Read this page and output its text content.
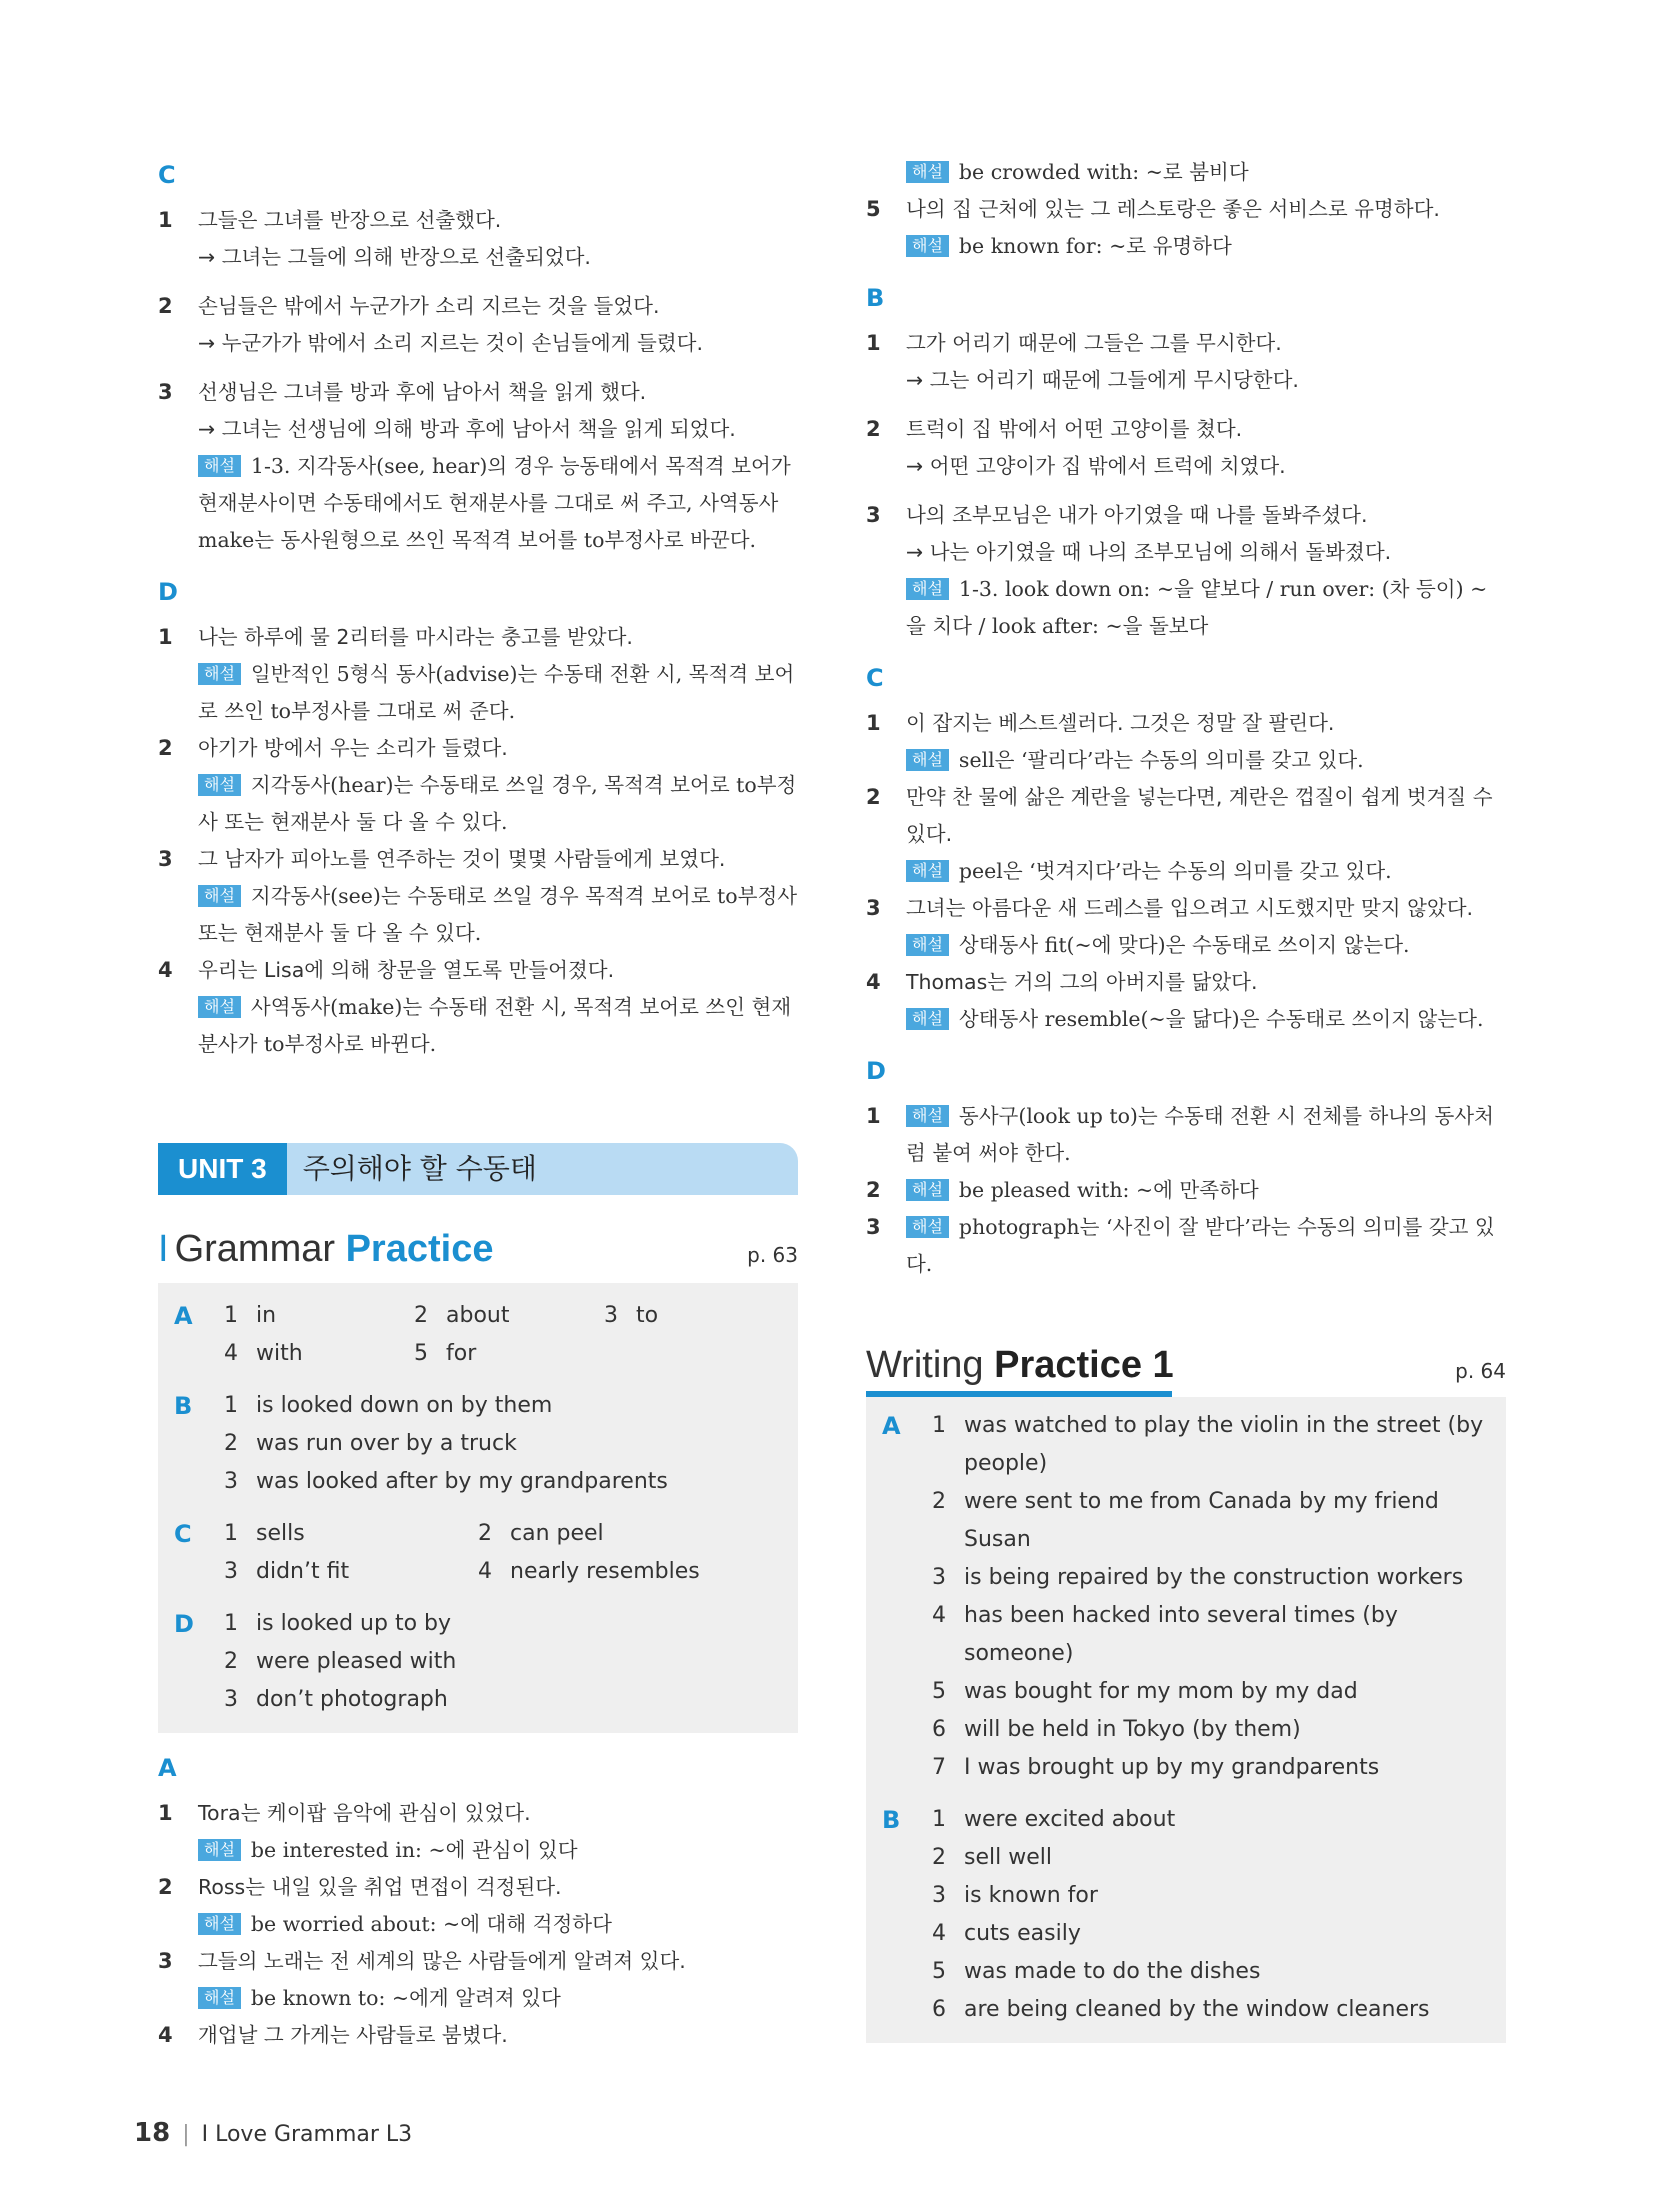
C
1	그들은 그녀를 반장으로 선출했다.
→ 그녀는 그들에 의해 반장으로 선출되었다.
2	손님들은 밖에서 누군가가 소리 지르는 것을 들었다.
→ 누군가가 밖에서 소리 지르는 것이 손님들에게 들렸다.
3	선생님은 그녀를 방과 후에 남아서 책을 읽게 했다.
→ 그녀는 선생님에 의해 방과 후에 남아서 책을 읽게 되었다.
해설 1-3. 지각동사(see, hear)의 경우 능동태에서 목적격 보어가 현재분사이면 수동태에서도 현재분사를 그대로 써 주고, 사역동사 make는 동사원형으로 쓰인 목적격 보어를 to부정사로 바꾼다.
D
1	나는 하루에 물 2리터를 마시라는 충고를 받았다.
해설 일반적인 5형식 동사(advise)는 수동태 전환 시, 목적격 보어로 쓰인 to부정사를 그대로 써 준다.
2	아기가 방에서 우는 소리가 들렸다.
해설 지각동사(hear)는 수동태로 쓰일 경우, 목적격 보어로 to부정사 또는 현재분사 둘 다 올 수 있다.
3	그 남자가 피아노를 연주하는 것이 몇몇 사람들에게 보였다.
해설 지각동사(see)는 수동태로 쓰일 경우 목적격 보어로 to부정사 또는 현재분사 둘 다 올 수 있다.
4	우리는 Lisa에 의해 창문을 열도록 만들어졌다.
해설 사역동사(make)는 수동태 전환 시, 목적격 보어로 쓰인 현재분사가 to부정사로 바뀐다.
UNIT 3	주의해야 할 수동태
I Grammar Practice	p. 63
A	1 in	2 about	3 to
4 with	5 for
B	1 is looked down on by them
2 was run over by a truck
3 was looked after by my grandparents
C	1 sells	2 can peel
3 didn’t fit	4 nearly resembles
D	1 is looked up to by
2 were pleased with
3 don’t photograph
A
1	Tora는 케이팝 음악에 관심이 있었다.
해설 be interested in: ~에 관심이 있다
2	Ross는 내일 있을 취업 면접이 걱정된다.
해설 be worried about: ~에 대해 걱정하다
3	그들의 노래는 전 세계의 많은 사람들에게 알려져 있다.
해설 be known to: ~에게 알려져 있다
4	개업날 그 가게는 사람들로 붐볐다.
해설 be crowded with: ~로 붐비다
5	나의 집 근처에 있는 그 레스토랑은 좋은 서비스로 유명하다.
해설 be known for: ~로 유명하다
B
1	그가 어리기 때문에 그들은 그를 무시한다.
→ 그는 어리기 때문에 그들에게 무시당한다.
2	트럭이 집 밖에서 어떤 고양이를 쳤다.
→ 어떤 고양이가 집 밖에서 트럭에 치였다.
3	나의 조부모님은 내가 아기였을 때 나를 돌봐주셨다.
→ 나는 아기였을 때 나의 조부모님에 의해서 돌봐졌다.
해설 1-3. look down on: ~을 얕보다 / run over: (차 등이) ~을 치다 / look after: ~을 돌보다
C
1	이 잡지는 베스트셀러다. 그것은 정말 잘 팔린다.
해설 sell은 ‘팔리다’라는 수동의 의미를 갖고 있다.
2	만약 찬 물에 삶은 계란을 넣는다면, 계란은 껍질이 쉽게 벗겨질 수 있다.
해설 peel은 ‘벗겨지다’라는 수동의 의미를 갖고 있다.
3	그녀는 아름다운 새 드레스를 입으려고 시도했지만 맞지 않았다.
해설 상태동사 fit(~에 맞다)은 수동태로 쓰이지 않는다.
4	Thomas는 거의 그의 아버지를 닮았다.
해설 상태동사 resemble(~을 닮다)은 수동태로 쓰이지 않는다.
D
1	해설 동사구(look up to)는 수동태 전환 시 전체를 하나의 동사처럼 붙여 써야 한다.
2	해설 be pleased with: ~에 만족하다
3	해설 photograph는 ‘사진이 잘 받다’라는 수동의 의미를 갖고 있다.
Writing Practice 1	p. 64
A	1 was watched to play the violin in the street (by people)
2 were sent to me from Canada by my friend Susan
3 is being repaired by the construction workers
4 has been hacked into several times (by someone)
5 was bought for my mom by my dad
6 will be held in Tokyo (by them)
7 I was brought up by my grandparents
B	1 were excited about
2 sell well
3 is known for
4 cuts easily
5 was made to do the dishes
6 are being cleaned by the window cleaners
18 | I Love Grammar L3
